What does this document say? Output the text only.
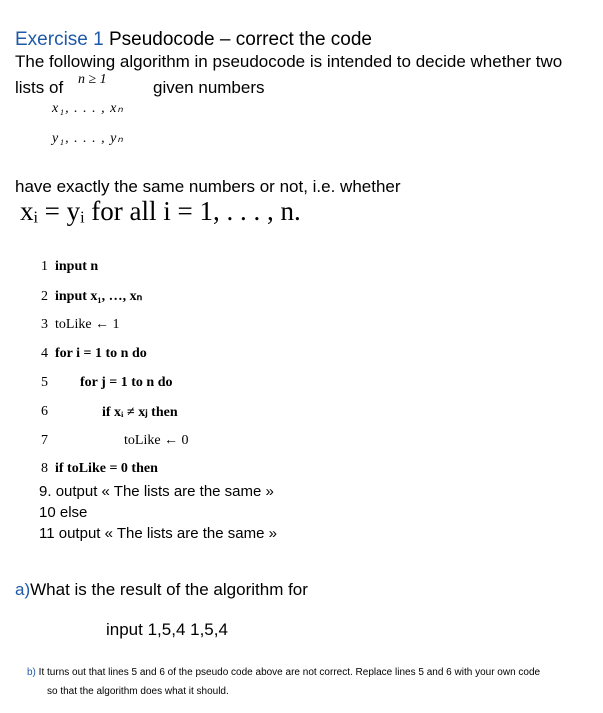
Exercise 1 Pseudocode – correct the code
The following algorithm in pseudocode is intended to decide whether two
lists of n ≥ 1	given numbers
x₁, . . . , xₙ
y₁, . . . , yₙ
have exactly the same numbers or not, i.e. whether
xᵢ = yᵢ for all i = 1, . . . , n.
1 input n
2 input x₁, …, xₙ
3 toLike ← 1
4 for i = 1 to n do
5 for j = 1 to n do
6	if xᵢ ≠ xⱼ then
7	toLike ← 0
8 if toLike = 0 then
9. output « The lists are the same »
10 else
11 output « The lists are the same »
a)What is the result of the algorithm for
input 1,5,4 1,5,4
b) It turns out that lines 5 and 6 of the pseudo code above are not correct. Replace lines 5 and 6 with your own code
so that the algorithm does what it should.
